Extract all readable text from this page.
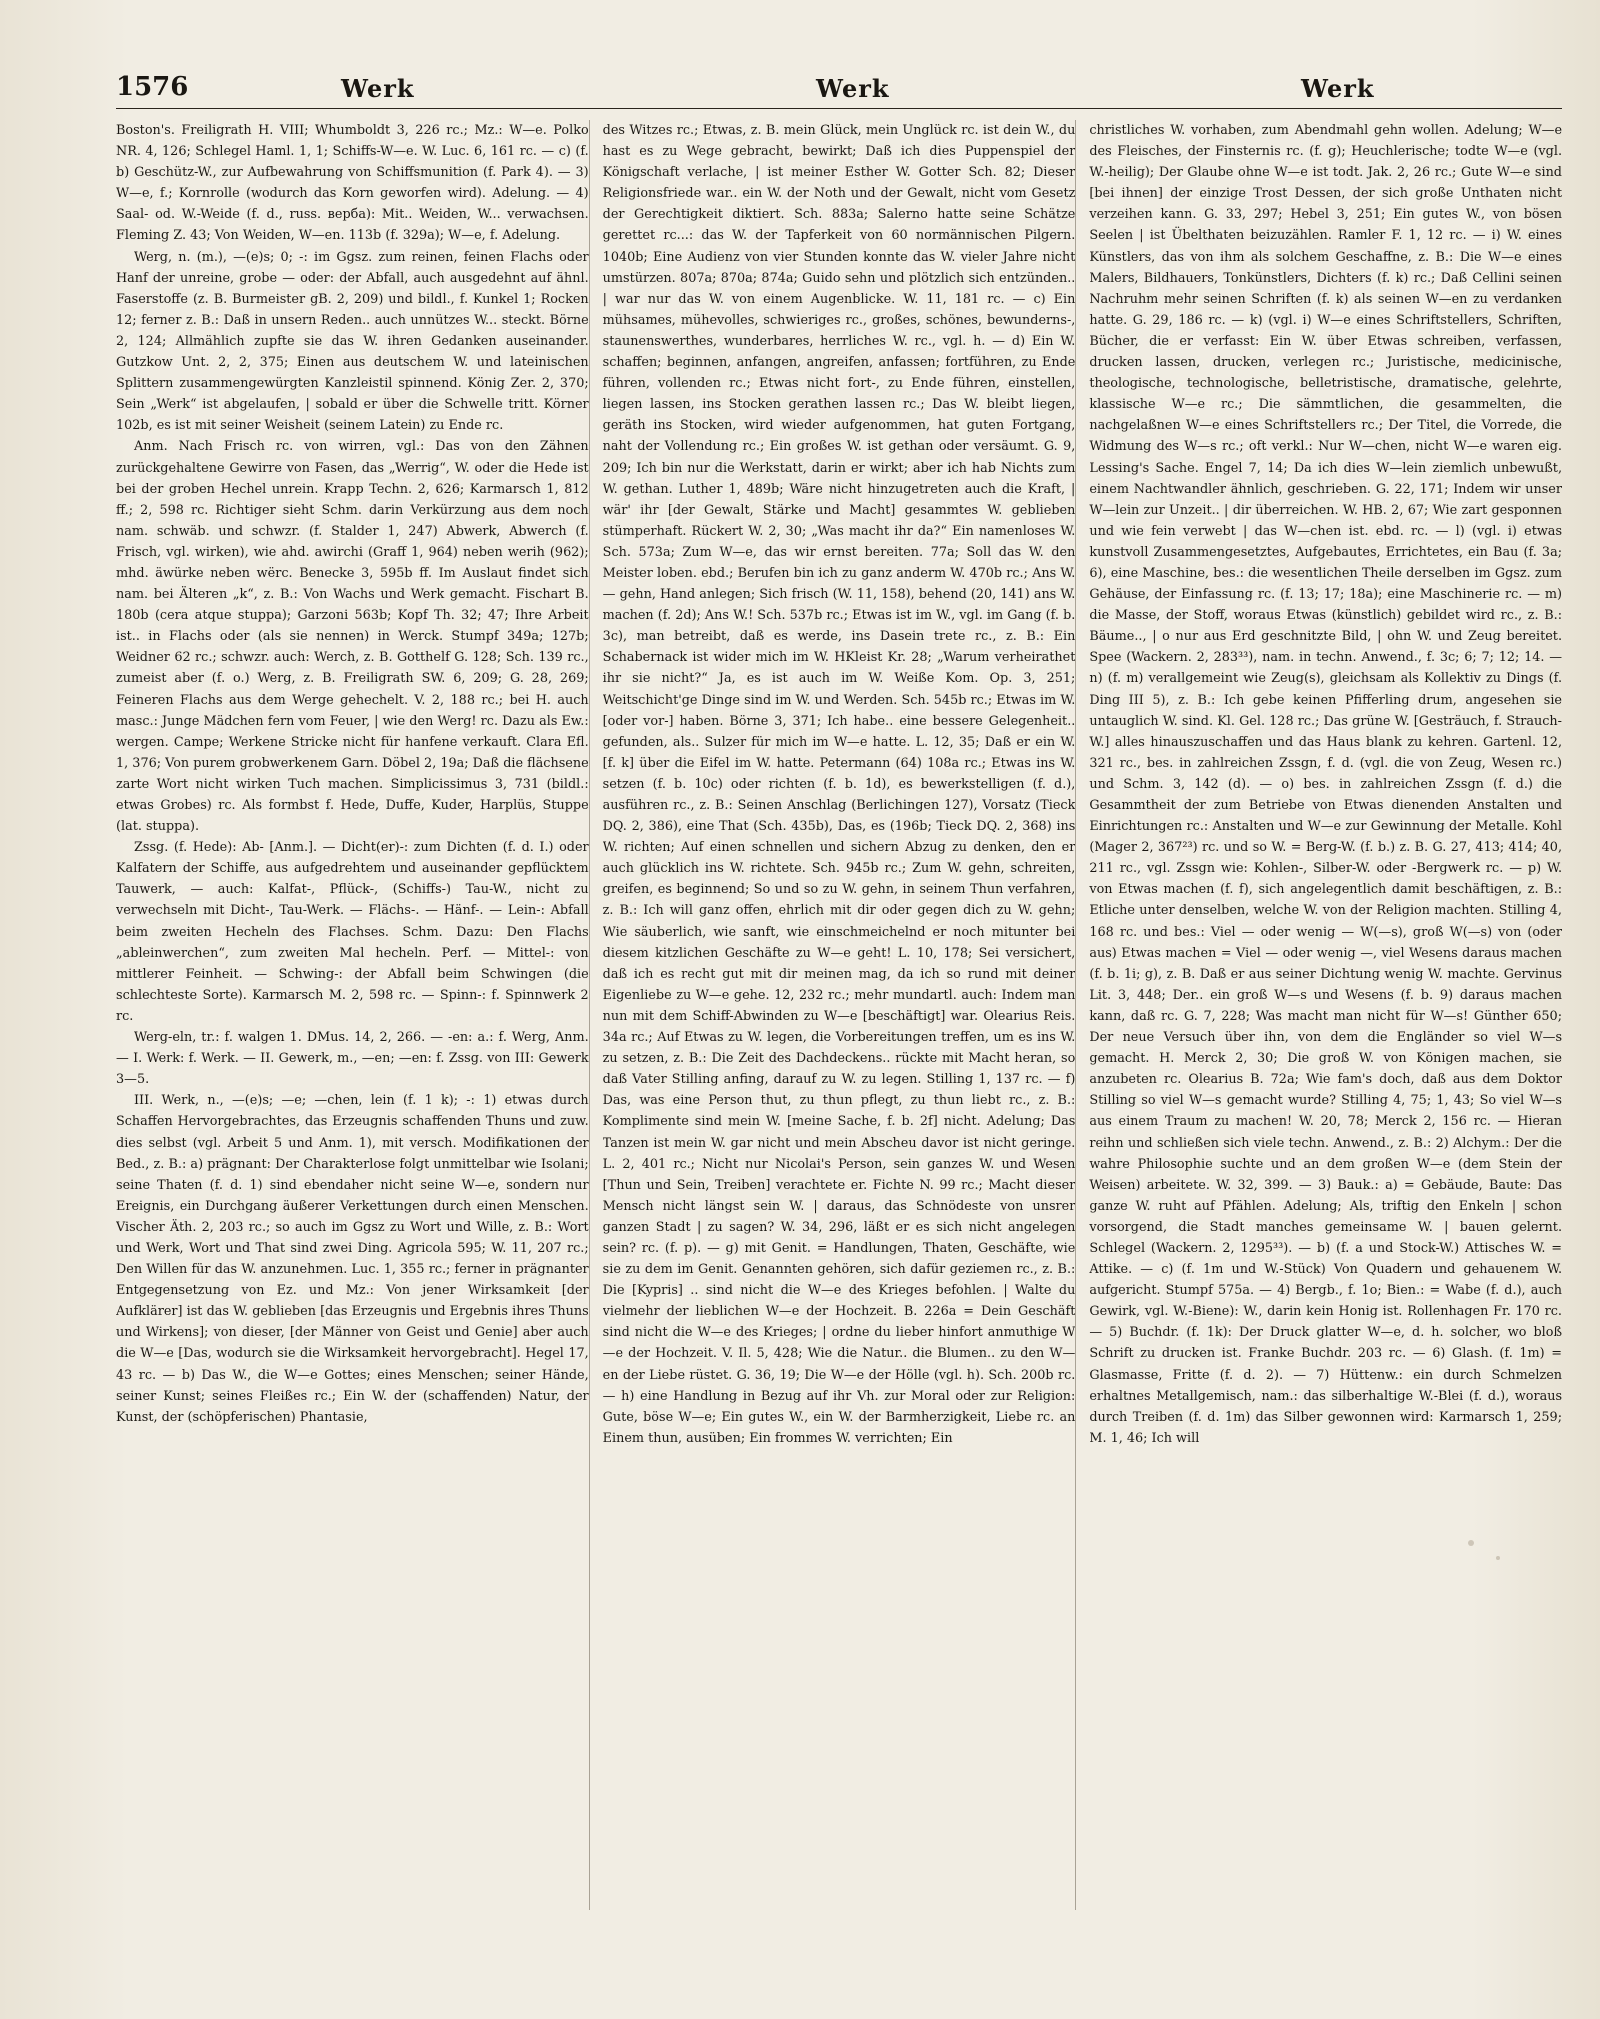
1576	Werk	Werk	Werk

Boston's. Freiligrath H. VIII; Whumboldt 3, 226 rc.; Mz.: W—e. Polko NR. 4, 126; Schlegel Haml. 1, 1; Schiffs-W—e. W. Luc. 6, 161 rc. — c) (f. b) Geschütz-W., zur Aufbewahrung von Schiffsmunition (f. Park 4). — 3) W—e, f.; Kornrolle (wodurch das Korn geworfen wird). Adelung. — 4) Saal- od. W.-Weide (f. d., russ. верба): Mit.. Weiden, W... verwachsen. Fleming Z. 43; Von Weiden, W—en. 113b (f. 329a); W—e, f. Adelung.

Werg, n. (m.), —(e)s; 0; -: im Ggsz. zum reinen, feinen Flachs oder Hanf der unreine, grobe — oder: der Abfall, auch ausgedehnt auf ähnl. Faserstoffe (z. B. Burmeister gB. 2, 209) und bildl., f. Kunkel 1; Rocken 12; ferner z. B.: Daß in unsern Reden.. auch unnützes W... steckt. Börne 2, 124; Allmählich zupfte sie das W. ihren Gedanken auseinander. Gutzkow Unt. 2, 2, 375; Einen aus deutschem W. und lateinischen Splittern zusammengewürgten Kanzleistil spinnend. König Zer. 2, 370; Sein „Werk“ ist abgelaufen, | sobald er über die Schwelle tritt. Körner 102b, es ist mit seiner Weisheit (seinem Latein) zu Ende rc.

Anm. Nach Frisch rc. von wirren, vgl.: Das von den Zähnen zurückgehaltene Gewirre von Fasen, das „Werrig“, W. oder die Hede ist bei der groben Hechel unrein. Krapp Techn. 2, 626; Karmarsch 1, 812 ff.; 2, 598 rc. Richtiger sieht Schm. darin Verkürzung aus dem noch nam. schwäb. und schwzr. (f. Stalder 1, 247) Abwerk, Abwerch (f. Frisch, vgl. wirken), wie ahd. awirchi (Graff 1, 964) neben werih (962); mhd. äwürke neben wërc. Benecke 3, 595b ff. Im Auslaut findet sich nam. bei Älteren „k“, z. B.: Von Wachs und Werk gemacht. Fischart B. 180b (cera atque stuppa); Garzoni 563b; Kopf Th. 32; 47; Ihre Arbeit ist.. in Flachs oder (als sie nennen) in Werck. Stumpf 349a; 127b; Weidner 62 rc.; schwzr. auch: Werch, z. B. Gotthelf G. 128; Sch. 139 rc., zumeist aber (f. o.) Werg, z. B. Freiligrath SW. 6, 209; G. 28, 269; Feineren Flachs aus dem Werge gehechelt. V. 2, 188 rc.; bei H. auch masc.: Junge Mädchen fern vom Feuer, | wie den Werg! rc. Dazu als Ew.: wergen. Campe; Werkene Stricke nicht für hanfene verkauft. Clara Efl. 1, 376; Von purem grobwerkenem Garn. Döbel 2, 19a; Daß die flächsene zarte Wort nicht wirken Tuch machen. Simplicissimus 3, 731 (bildl.: etwas Grobes) rc. Als formbst f. Hede, Duffe, Kuder, Harplüs, Stuppe (lat. stuppa).

Zssg. (f. Hede): Ab- [Anm.]. — Dicht(er)-: zum Dichten (f. d. I.) oder Kalfatern der Schiffe, aus aufgedrehtem und auseinander gepflücktem Tauwerk, — auch: Kalfat-, Pflück-, (Schiffs-) Tau-W., nicht zu verwechseln mit Dicht-, Tau-Werk. — Flächs-. — Hänf-. — Lein-: Abfall beim zweiten Hecheln des Flachses. Schm. Dazu: Den Flachs „ableinwerchen“, zum zweiten Mal hecheln. Perf. — Mittel-: von mittlerer Feinheit. — Schwing-: der Abfall beim Schwingen (die schlechteste Sorte). Karmarsch M. 2, 598 rc. — Spinn-: f. Spinnwerk 2 rc.

Werg-eln, tr.: f. walgen 1. DMus. 14, 2, 266. — -en: a.: f. Werg, Anm. — I. Werk: f. Werk. — II. Gewerk, m., —en; —en: f. Zssg. von III: Gewerk 3—5.

III. Werk, n., —(e)s; —e; —chen, lein (f. 1 k); -: 1) etwas durch Schaffen Hervorgebrachtes, das Erzeugnis schaffenden Thuns und zuw. dies selbst (vgl. Arbeit 5 und Anm. 1), mit versch. Modifikationen der Bed., z. B.: a) prägnant: Der Charakterlose folgt unmittelbar wie Isolani; seine Thaten (f. d. 1) sind ebendaher nicht seine W—e, sondern nur Ereignis, ein Durchgang äußerer Verkettungen durch einen Menschen. Vischer Äth. 2, 203 rc.; so auch im Ggsz zu Wort und Wille, z. B.: Wort und Werk, Wort und That sind zwei Ding. Agricola 595; W. 11, 207 rc.; Den Willen für das W. anzunehmen. Luc. 1, 355 rc.; ferner in prägnanter Entgegensetzung von Ez. und Mz.: Von jener Wirksamkeit [der Aufklärer] ist das W. geblieben [das Erzeugnis und Ergebnis ihres Thuns und Wirkens]; von dieser, [der Männer von Geist und Genie] aber auch die W—e [Das, wodurch sie die Wirksamkeit hervorgebracht]. Hegel 17, 43 rc. — b) Das W., die W—e Gottes; eines Menschen; seiner Hände, seiner Kunst; seines Fleißes rc.; Ein W. der (schaffenden) Natur, der Kunst, der (schöpferischen) Phantasie,

des Witzes rc.; Etwas, z. B. mein Glück, mein Unglück rc. ist dein W., du hast es zu Wege gebracht, bewirkt; Daß ich dies Puppenspiel der Königschaft verlache, | ist meiner Esther W. Gotter Sch. 82; Dieser Religionsfriede war.. ein W. der Noth und der Gewalt, nicht vom Gesetz der Gerechtigkeit diktiert. Sch. 883a; Salerno hatte seine Schätze gerettet rc...: das W. der Tapferkeit von 60 normännischen Pilgern. 1040b; Eine Audienz von vier Stunden konnte das W. vieler Jahre nicht umstürzen. 807a; 870a; 874a; Guido sehn und plötzlich sich entzünden.. | war nur das W. von einem Augenblicke. W. 11, 181 rc. — c) Ein mühsames, mühevolles, schwieriges rc., großes, schönes, bewunderns-, staunenswerthes, wunderbares, herrliches W. rc., vgl. h. — d) Ein W. schaffen; beginnen, anfangen, angreifen, anfassen; fortführen, zu Ende führen, vollenden rc.; Etwas nicht fort-, zu Ende führen, einstellen, liegen lassen, ins Stocken gerathen lassen rc.; Das W. bleibt liegen, geräth ins Stocken, wird wieder aufgenommen, hat guten Fortgang, naht der Vollendung rc.; Ein großes W. ist gethan oder versäumt. G. 9, 209; Ich bin nur die Werkstatt, darin er wirkt; aber ich hab Nichts zum W. gethan. Luther 1, 489b; Wäre nicht hinzugetreten auch die Kraft, | wär' ihr [der Gewalt, Stärke und Macht] gesammtes W. geblieben stümperhaft. Rückert W. 2, 30; „Was macht ihr da?“ Ein namenloses W. Sch. 573a; Zum W—e, das wir ernst bereiten. 77a; Soll das W. den Meister loben. ebd.; Berufen bin ich zu ganz anderm W. 470b rc.; Ans W. — gehn, Hand anlegen; Sich frisch (W. 11, 158), behend (20, 141) ans W. machen (f. 2d); Ans W.! Sch. 537b rc.; Etwas ist im W., vgl. im Gang (f. b. 3c), man betreibt, daß es werde, ins Dasein trete rc., z. B.: Ein Schabernack ist wider mich im W. HKleist Kr. 28; „Warum verheirathet ihr sie nicht?“ Ja, es ist auch im W. Weiße Kom. Op. 3, 251; Weitschicht'ge Dinge sind im W. und Werden. Sch. 545b rc.; Etwas im W. [oder vor-] haben. Börne 3, 371; Ich habe.. eine bessere Gelegenheit.. gefunden, als.. Sulzer für mich im W—e hatte. L. 12, 35; Daß er ein W. [f. k] über die Eifel im W. hatte. Petermann (64) 108a rc.; Etwas ins W. setzen (f. b. 10c) oder richten (f. b. 1d), es bewerkstelligen (f. d.), ausführen rc., z. B.: Seinen Anschlag (Berlichingen 127), Vorsatz (Tieck DQ. 2, 386), eine That (Sch. 435b), Das, es (196b; Tieck DQ. 2, 368) ins W. richten; Auf einen schnellen und sichern Abzug zu denken, den er auch glücklich ins W. richtete. Sch. 945b rc.; Zum W. gehn, schreiten, greifen, es beginnend; So und so zu W. gehn, in seinem Thun verfahren, z. B.: Ich will ganz offen, ehrlich mit dir oder gegen dich zu W. gehn; Wie säuberlich, wie sanft, wie einschmeichelnd er noch mitunter bei diesem kitzlichen Geschäfte zu W—e geht! L. 10, 178; Sei versichert, daß ich es recht gut mit dir meinen mag, da ich so rund mit deiner Eigenliebe zu W—e gehe. 12, 232 rc.; mehr mundartl. auch: Indem man nun mit dem Schiff-Abwinden zu W—e [beschäftigt] war. Olearius Reis. 34a rc.; Auf Etwas zu W. legen, die Vorbereitungen treffen, um es ins W. zu setzen, z. B.: Die Zeit des Dachdeckens.. rückte mit Macht heran, so daß Vater Stilling anfing, darauf zu W. zu legen. Stilling 1, 137 rc. — f) Das, was eine Person thut, zu thun pflegt, zu thun liebt rc., z. B.: Komplimente sind mein W. [meine Sache, f. b. 2f] nicht. Adelung; Das Tanzen ist mein W. gar nicht und mein Abscheu davor ist nicht geringe. L. 2, 401 rc.; Nicht nur Nicolai's Person, sein ganzes W. und Wesen [Thun und Sein, Treiben] verachtete er. Fichte N. 99 rc.; Macht dieser Mensch nicht längst sein W. | daraus, das Schnödeste von unsrer ganzen Stadt | zu sagen? W. 34, 296, läßt er es sich nicht angelegen sein? rc. (f. p). — g) mit Genit. = Handlungen, Thaten, Geschäfte, wie sie zu dem im Genit. Genannten gehören, sich dafür geziemen rc., z. B.: Die [Kypris] .. sind nicht die W—e des Krieges befohlen. | Walte du vielmehr der lieblichen W—e der Hochzeit. B. 226a = Dein Geschäft sind nicht die W—e des Krieges; | ordne du lieber hinfort anmuthige W—e der Hochzeit. V. Il. 5, 428; Wie die Natur.. die Blumen.. zu den W—en der Liebe rüstet. G. 36, 19; Die W—e der Hölle (vgl. h). Sch. 200b rc. — h) eine Handlung in Bezug auf ihr Vh. zur Moral oder zur Religion: Gute, böse W—e; Ein gutes W., ein W. der Barmherzigkeit, Liebe rc. an Einem thun, ausüben; Ein frommes W. verrichten; Ein

christliches W. vorhaben, zum Abendmahl gehn wollen. Adelung; W—e des Fleisches, der Finsternis rc. (f. g); Heuchlerische; todte W—e (vgl. W.-heilig); Der Glaube ohne W—e ist todt. Jak. 2, 26 rc.; Gute W—e sind [bei ihnen] der einzige Trost Dessen, der sich große Unthaten nicht verzeihen kann. G. 33, 297; Hebel 3, 251; Ein gutes W., von bösen Seelen | ist Übelthaten beizuzählen. Ramler F. 1, 12 rc. — i) W. eines Künstlers, das von ihm als solchem Geschaffne, z. B.: Die W—e eines Malers, Bildhauers, Tonkünstlers, Dichters (f. k) rc.; Daß Cellini seinen Nachruhm mehr seinen Schriften (f. k) als seinen W—en zu verdanken hatte. G. 29, 186 rc. — k) (vgl. i) W—e eines Schriftstellers, Schriften, Bücher, die er verfasst: Ein W. über Etwas schreiben, verfassen, drucken lassen, drucken, verlegen rc.; Juristische, medicinische, theologische, technologische, belletristische, dramatische, gelehrte, klassische W—e rc.; Die sämmtlichen, die gesammelten, die nachgelaßnen W—e eines Schriftstellers rc.; Der Titel, die Vorrede, die Widmung des W—s rc.; oft verkl.: Nur W—chen, nicht W—e waren eig. Lessing's Sache. Engel 7, 14; Da ich dies W—lein ziemlich unbewußt, einem Nachtwandler ähnlich, geschrieben. G. 22, 171; Indem wir unser W—lein zur Unzeit.. | dir überreichen. W. HB. 2, 67; Wie zart gesponnen und wie fein verwebt | das W—chen ist. ebd. rc. — l) (vgl. i) etwas kunstvoll Zusammengesetztes, Aufgebautes, Errichtetes, ein Bau (f. 3a; 6), eine Maschine, bes.: die wesentlichen Theile derselben im Ggsz. zum Gehäuse, der Einfassung rc. (f. 13; 17; 18a); eine Maschinerie rc. — m) die Masse, der Stoff, woraus Etwas (künstlich) gebildet wird rc., z. B.: Bäume.., | o nur aus Erd geschnitzte Bild, | ohn W. und Zeug bereitet. Spee (Wackern. 2, 283³³), nam. in techn. Anwend., f. 3c; 6; 7; 12; 14. — n) (f. m) verallgemeint wie Zeug(s), gleichsam als Kollektiv zu Dings (f. Ding III 5), z. B.: Ich gebe keinen Pfifferling drum, angesehen sie untauglich W. sind. Kl. Gel. 128 rc.; Das grüne W. [Gesträuch, f. Strauch-W.] alles hinauszuschaffen und das Haus blank zu kehren. Gartenl. 12, 321 rc., bes. in zahlreichen Zssgn, f. d. (vgl. die von Zeug, Wesen rc.) und Schm. 3, 142 (d). — o) bes. in zahlreichen Zssgn (f. d.) die Gesammtheit der zum Betriebe von Etwas dienenden Anstalten und Einrichtungen rc.: Anstalten und W—e zur Gewinnung der Metalle. Kohl (Mager 2, 367²³) rc. und so W. = Berg-W. (f. b.) z. B. G. 27, 413; 414; 40, 211 rc., vgl. Zssgn wie: Kohlen-, Silber-W. oder -Bergwerk rc. — p) W. von Etwas machen (f. f), sich angelegentlich damit beschäftigen, z. B.: Etliche unter denselben, welche W. von der Religion machten. Stilling 4, 168 rc. und bes.: Viel — oder wenig — W(—s), groß W(—s) von (oder aus) Etwas machen = Viel — oder wenig —, viel Wesens daraus machen (f. b. 1i; g), z. B. Daß er aus seiner Dichtung wenig W. machte. Gervinus Lit. 3, 448; Der.. ein groß W—s und Wesens (f. b. 9) daraus machen kann, daß rc. G. 7, 228; Was macht man nicht für W—s! Günther 650; Der neue Versuch über ihn, von dem die Engländer so viel W—s gemacht. H. Merck 2, 30; Die groß W. von Königen machen, sie anzubeten rc. Olearius B. 72a; Wie fam's doch, daß aus dem Doktor Stilling so viel W—s gemacht wurde? Stilling 4, 75; 1, 43; So viel W—s aus einem Traum zu machen! W. 20, 78; Merck 2, 156 rc. — Hieran reihn und schließen sich viele techn. Anwend., z. B.: 2) Alchym.: Der die wahre Philosophie suchte und an dem großen W—e (dem Stein der Weisen) arbeitete. W. 32, 399. — 3) Bauk.: a) = Gebäude, Baute: Das ganze W. ruht auf Pfählen. Adelung; Als, triftig den Enkeln | schon vorsorgend, die Stadt manches gemeinsame W. | bauen gelernt. Schlegel (Wackern. 2, 1295³³). — b) (f. a und Stock-W.) Attisches W. = Attike. — c) (f. 1m und W.-Stück) Von Quadern und gehauenem W. aufgericht. Stumpf 575a. — 4) Bergb., f. 1o; Bien.: = Wabe (f. d.), auch Gewirk, vgl. W.-Biene): W., darin kein Honig ist. Rollenhagen Fr. 170 rc. — 5) Buchdr. (f. 1k): Der Druck glatter W—e, d. h. solcher, wo bloß Schrift zu drucken ist. Franke Buchdr. 203 rc. — 6) Glash. (f. 1m) = Glasmasse, Fritte (f. d. 2). — 7) Hüttenw.: ein durch Schmelzen erhaltnes Metallgemisch, nam.: das silberhaltige W.-Blei (f. d.), woraus durch Treiben (f. d. 1m) das Silber gewonnen wird: Karmarsch 1, 259; M. 1, 46; Ich will
